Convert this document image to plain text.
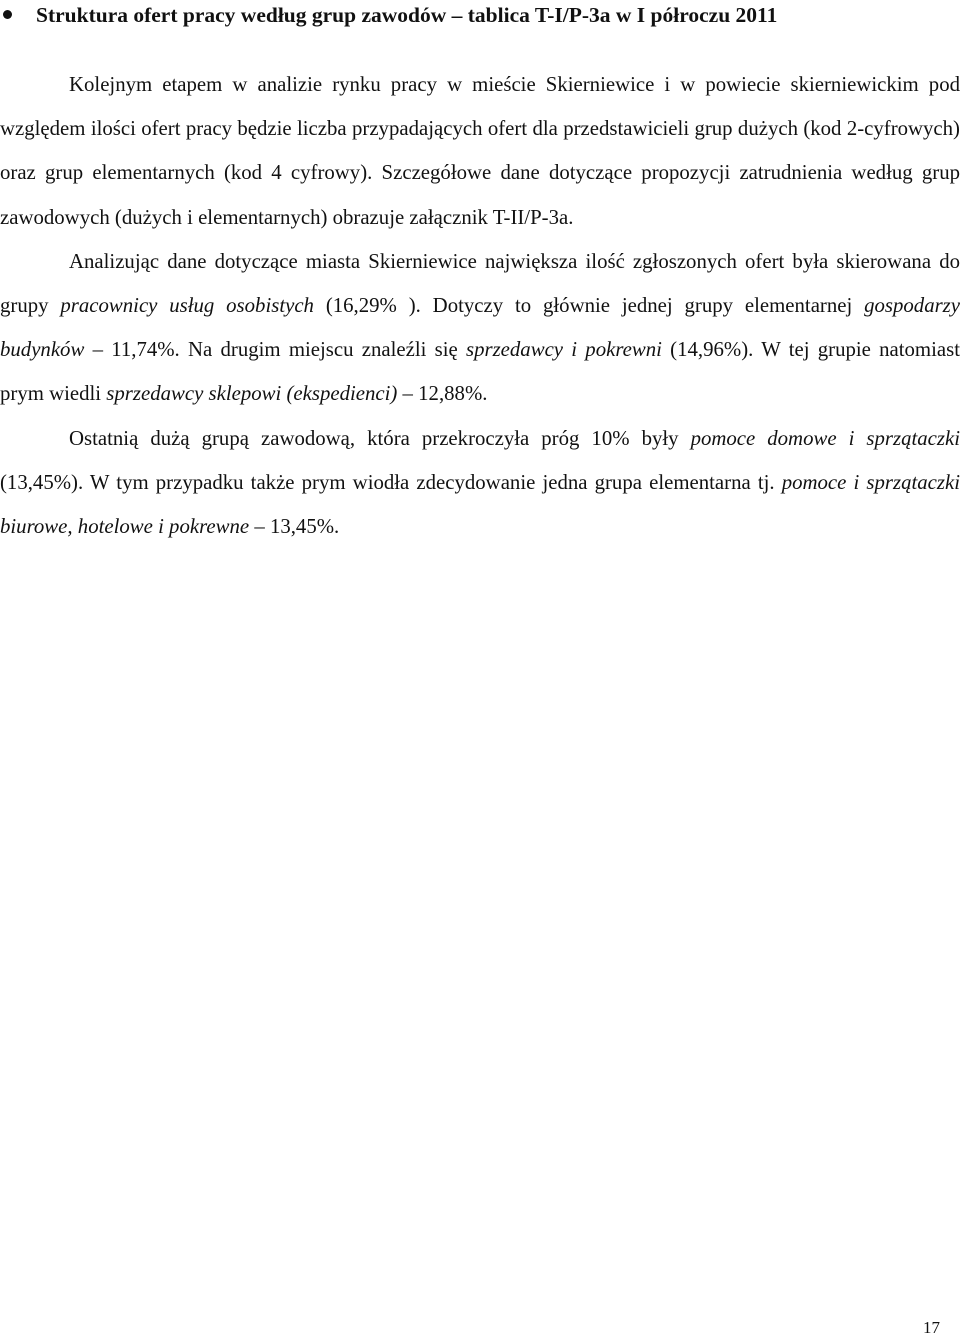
Struktura ofert pracy według grup zawodów – tablica T-I/P-3a w I półroczu 2011

Kolejnym etapem w analizie rynku pracy w mieście Skierniewice i w powiecie skierniewickim pod względem ilości ofert pracy będzie liczba przypadających ofert dla przedstawicieli grup dużych (kod 2-cyfrowych) oraz grup elementarnych (kod 4 cyfrowy). Szczegółowe dane dotyczące propozycji zatrudnienia według grup zawodowych (dużych i elementarnych) obrazuje załącznik T-II/P-3a.

Analizując dane dotyczące miasta Skierniewice największa ilość zgłoszonych ofert była skierowana do grupy pracownicy usług osobistych (16,29% ). Dotyczy to głównie jednej grupy elementarnej gospodarzy budynków – 11,74%. Na drugim miejscu znaleźli się sprzedawcy i pokrewni (14,96%). W tej grupie natomiast prym wiedli sprzedawcy sklepowi (ekspedienci) – 12,88%.

Ostatnią dużą grupą zawodową, która przekroczyła próg 10% były pomoce domowe i sprzątaczki (13,45%). W tym przypadku także prym wiodła zdecydowanie jedna grupa elementarna tj. pomoce i sprzątaczki biurowe, hotelowe i pokrewne – 13,45%.

17
